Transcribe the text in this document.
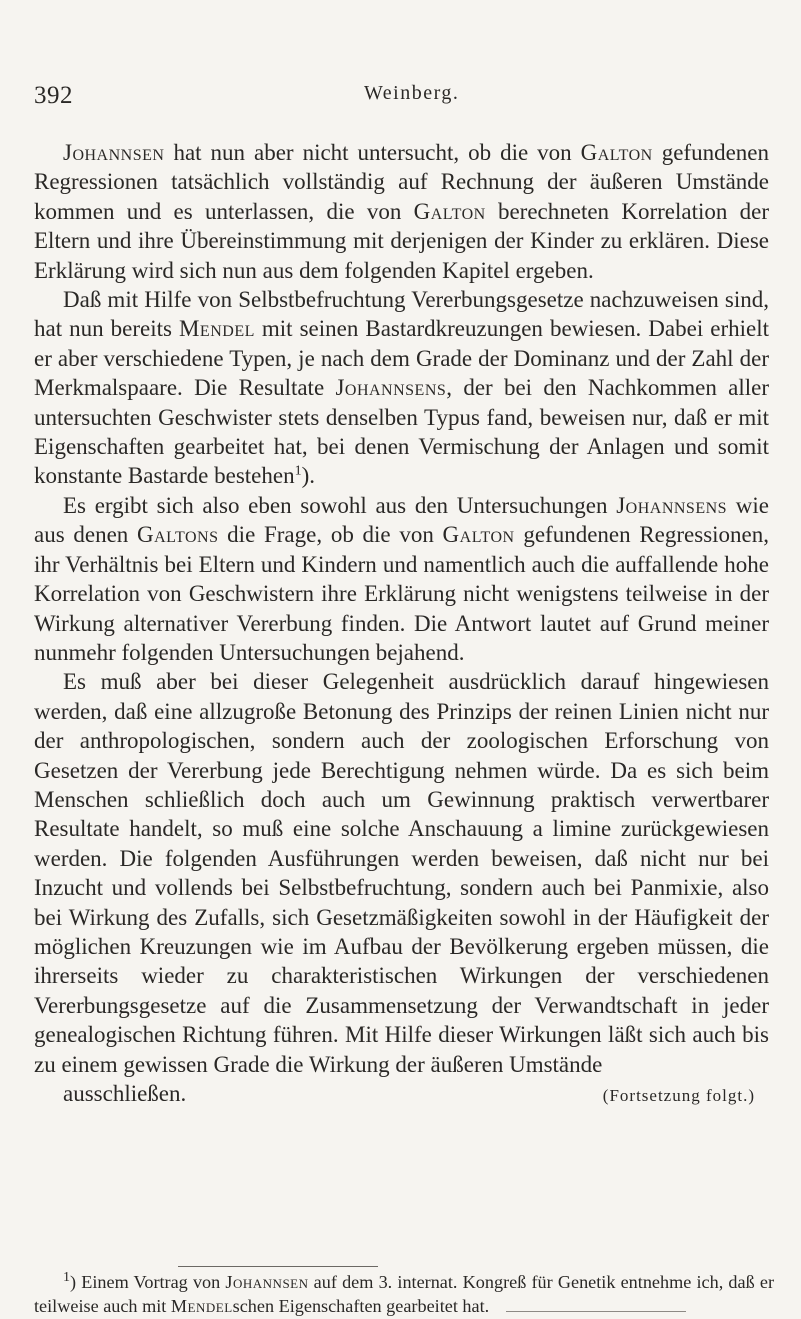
392	Weinberg.

Johannsen hat nun aber nicht untersucht, ob die von Galton gefundenen Regressionen tatsächlich vollständig auf Rechnung der äußeren Umstände kommen und es unterlassen, die von Galton berechneten Korrelation der Eltern und ihre Übereinstimmung mit derjenigen der Kinder zu erklären. Diese Erklärung wird sich nun aus dem folgenden Kapitel ergeben.

Daß mit Hilfe von Selbstbefruchtung Vererbungsgesetze nachzuweisen sind, hat nun bereits Mendel mit seinen Bastardkreuzungen bewiesen. Dabei erhielt er aber verschiedene Typen, je nach dem Grade der Dominanz und der Zahl der Merkmalspaare. Die Resultate Johannsens, der bei den Nachkommen aller untersuchten Geschwister stets denselben Typus fand, beweisen nur, daß er mit Eigenschaften gearbeitet hat, bei denen Vermischung der Anlagen und somit konstante Bastarde bestehen$^1$).

Es ergibt sich also eben sowohl aus den Untersuchungen Johannsens wie aus denen Galtons die Frage, ob die von Galton gefundenen Regressionen, ihr Verhältnis bei Eltern und Kindern und namentlich auch die auffallende hohe Korrelation von Geschwistern ihre Erklärung nicht wenigstens teilweise in der Wirkung alternativer Vererbung finden. Die Antwort lautet auf Grund meiner nunmehr folgenden Untersuchungen bejahend.

Es muß aber bei dieser Gelegenheit ausdrücklich darauf hingewiesen werden, daß eine allzugroße Betonung des Prinzips der reinen Linien nicht nur der anthropologischen, sondern auch der zoologischen Erforschung von Gesetzen der Vererbung jede Berechtigung nehmen würde. Da es sich beim Menschen schließlich doch auch um Gewinnung praktisch verwertbarer Resultate handelt, so muß eine solche Anschauung a limine zurückgewiesen werden. Die folgenden Ausführungen werden beweisen, daß nicht nur bei Inzucht und vollends bei Selbstbefruchtung, sondern auch bei Panmixie, also bei Wirkung des Zufalls, sich Gesetzmäßigkeiten sowohl in der Häufigkeit der möglichen Kreuzungen wie im Aufbau der Bevölkerung ergeben müssen, die ihrerseits wieder zu charakteristischen Wirkungen der verschiedenen Vererbungsgesetze auf die Zusammensetzung der Verwandtschaft in jeder genealogischen Richtung führen. Mit Hilfe dieser Wirkungen läßt sich auch bis zu einem gewissen Grade die Wirkung der äußeren Umstände

ausschließen.	(Fortsetzung folgt.)

$^1$) Einem Vortrag von Johannsen auf dem 3. internat. Kongreß für Genetik entnehme ich, daß er teilweise auch mit Mendelschen Eigenschaften gearbeitet hat.
